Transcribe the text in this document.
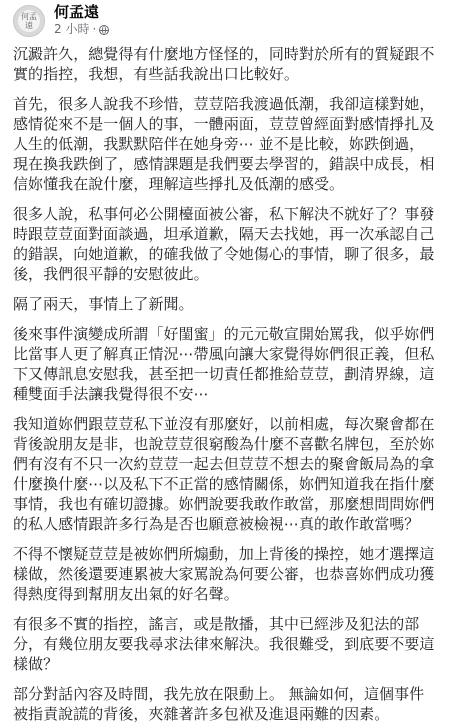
何孟遠
何孟遠
2 小時 ·

沉澱許久，總覺得有什麼地方怪怪的，同時對於所有的質疑跟不實的指控，我想，有些話我說出口比較好。

首先，很多人說我不珍惜，荳荳陪我渡過低潮，我卻這樣對她，感情從來不是一個人的事，一體兩面，荳荳曾經面對感情掙扎及人生的低潮，我默默陪伴在她身旁⋯ 並不是比較，妳跌倒過，現在換我跌倒了，感情課題是我們要去學習的，錯誤中成長，相信妳懂我在說什麼，理解這些掙扎及低潮的感受。

很多人說，私事何必公開檯面被公審，私下解決不就好了？事發時跟荳荳面對面談過，坦承道歉，隔天去找她，再一次承認自己的錯誤，向她道歉，的確我做了令她傷心的事情，聊了很多，最後，我們很平靜的安慰彼此。

隔了兩天，事情上了新聞。

後來事件演變成所謂「好閨蜜」的元元敬宣開始罵我，似乎妳們比當事人更了解真正情況⋯帶風向讓大家覺得妳們很正義，但私下又傳訊息安慰我，甚至把一切責任都推給荳荳，劃清界線，這種雙面手法讓我覺得很不安⋯

我知道妳們跟荳荳私下並沒有那麼好，以前相處，每次聚會都在背後說朋友是非，也說荳荳很窮酸為什麼不喜歡名牌包，至於妳們有沒有不只一次約荳荳一起去但荳荳不想去的聚會飯局為的拿什麼換什麼⋯以及私下不正當的感情關係，妳們知道我在指什麼事情，我也有確切證據。妳們說要我敢作敢當，那麼想問問妳們的私人感情跟許多行為是否也願意被檢視⋯真的敢作敢當嗎？

不得不懷疑荳荳是被妳們所煽動，加上背後的操控，她才選擇這樣做，然後還要連累被大家罵說為何要公審，也恭喜妳們成功獲得熱度得到幫朋友出氣的好名聲。

有很多不實的指控，謠言，或是散播，其中已經涉及犯法的部分，有幾位朋友要我尋求法律來解決。我很難受，到底要不要這樣做？

部分對話內容及時間，我先放在限動上。 無論如何，這個事件被指責說謊的背後，夾雜著許多包袱及進退兩難的因素。
